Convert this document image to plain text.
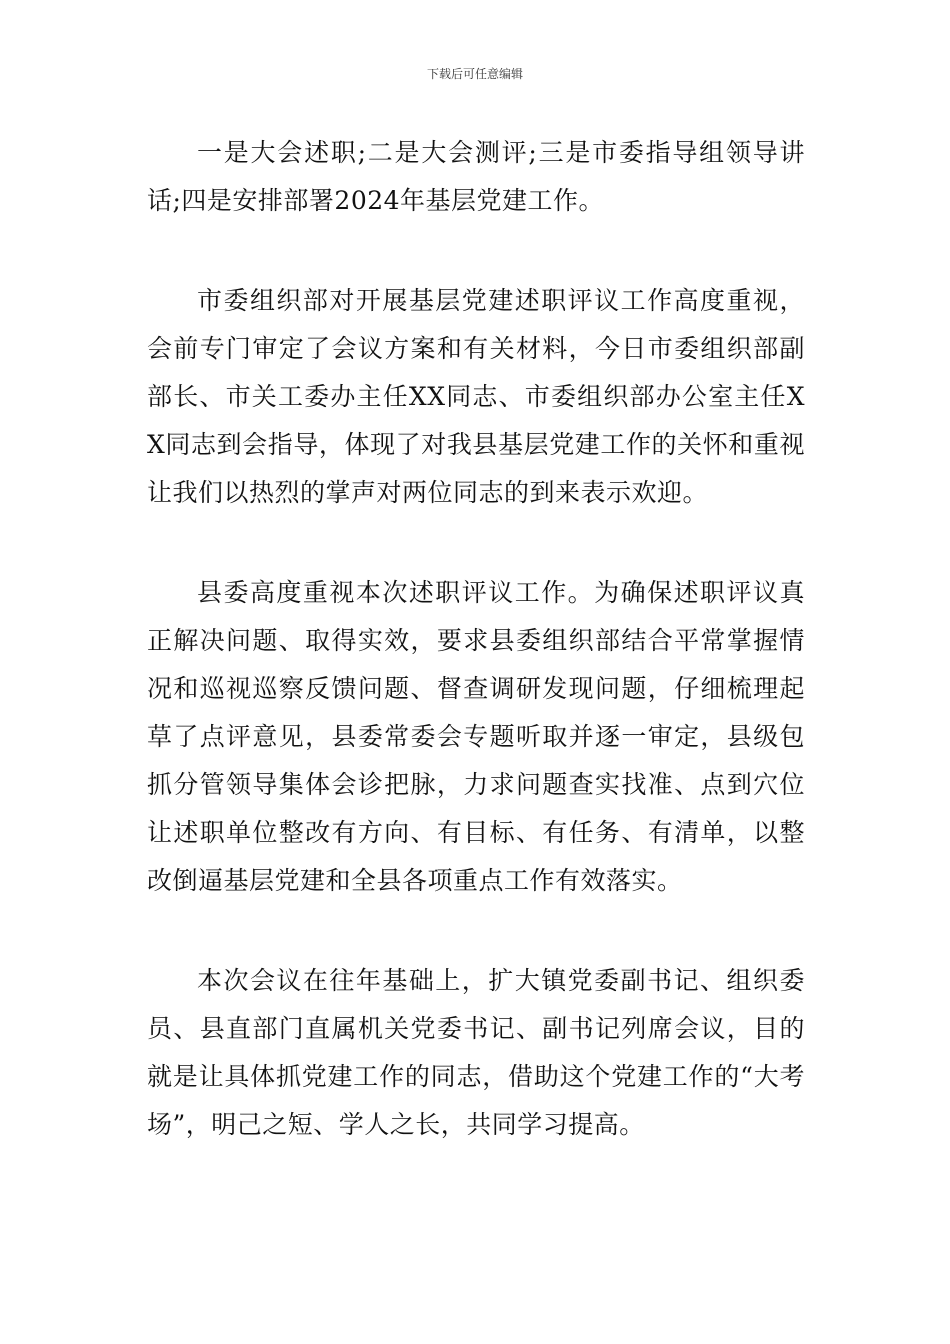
下载后可任意编辑

一是大会述职;二是大会测评;三是市委指导组领导讲话;四是安排部署2024年基层党建工作。

市委组织部对开展基层党建述职评议工作高度重视，会前专门审定了会议方案和有关材料，今日市委组织部副部长、市关工委办主任XX同志、市委组织部办公室主任XX同志到会指导，体现了对我县基层党建工作的关怀和重视让我们以热烈的掌声对两位同志的到来表示欢迎。

县委高度重视本次述职评议工作。为确保述职评议真正解决问题、取得实效，要求县委组织部结合平常掌握情况和巡视巡察反馈问题、督查调研发现问题，仔细梳理起草了点评意见，县委常委会专题听取并逐一审定，县级包抓分管领导集体会诊把脉，力求问题查实找准、点到穴位让述职单位整改有方向、有目标、有任务、有清单，以整改倒逼基层党建和全县各项重点工作有效落实。

本次会议在往年基础上，扩大镇党委副书记、组织委员、县直部门直属机关党委书记、副书记列席会议，目的就是让具体抓党建工作的同志，借助这个党建工作的“大考场”，明己之短、学人之长，共同学习提高。
